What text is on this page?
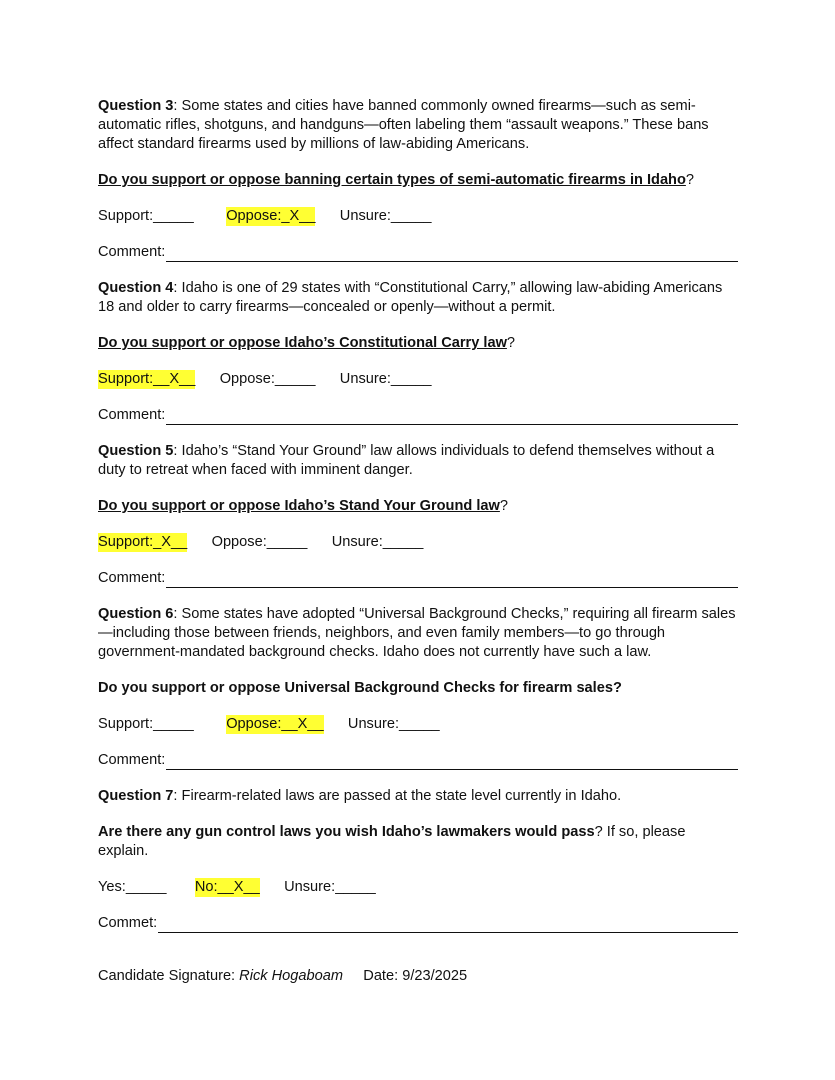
Question 3: Some states and cities have banned commonly owned firearms—such as semi-automatic rifles, shotguns, and handguns—often labeling them “assault weapons.” These bans affect standard firearms used by millions of law-abiding Americans.

Do you support or oppose banning certain types of semi-automatic firearms in Idaho?

Support:_____ Oppose:_X__ Unsure:_____
Comment:

Question 4: Idaho is one of 29 states with “Constitutional Carry,” allowing law-abiding Americans 18 and older to carry firearms—concealed or openly—without a permit.

Do you support or oppose Idaho’s Constitutional Carry law?

Support:__X__ Oppose:_____ Unsure:_____
Comment:

Question 5: Idaho’s “Stand Your Ground” law allows individuals to defend themselves without a duty to retreat when faced with imminent danger.

Do you support or oppose Idaho’s Stand Your Ground law?

Support:_X__ Oppose:_____ Unsure:_____
Comment:

Question 6: Some states have adopted “Universal Background Checks,” requiring all firearm sales—including those between friends, neighbors, and even family members—to go through government-mandated background checks. Idaho does not currently have such a law.

Do you support or oppose Universal Background Checks for firearm sales?

Support:_____ Oppose:__X__ Unsure:_____
Comment:

Question 7: Firearm-related laws are passed at the state level currently in Idaho.

Are there any gun control laws you wish Idaho’s lawmakers would pass? If so, please explain.

Yes:_____ No:__X__ Unsure:_____
Commet:
Candidate Signature: Rick Hogaboam Date: 9/23/2025
